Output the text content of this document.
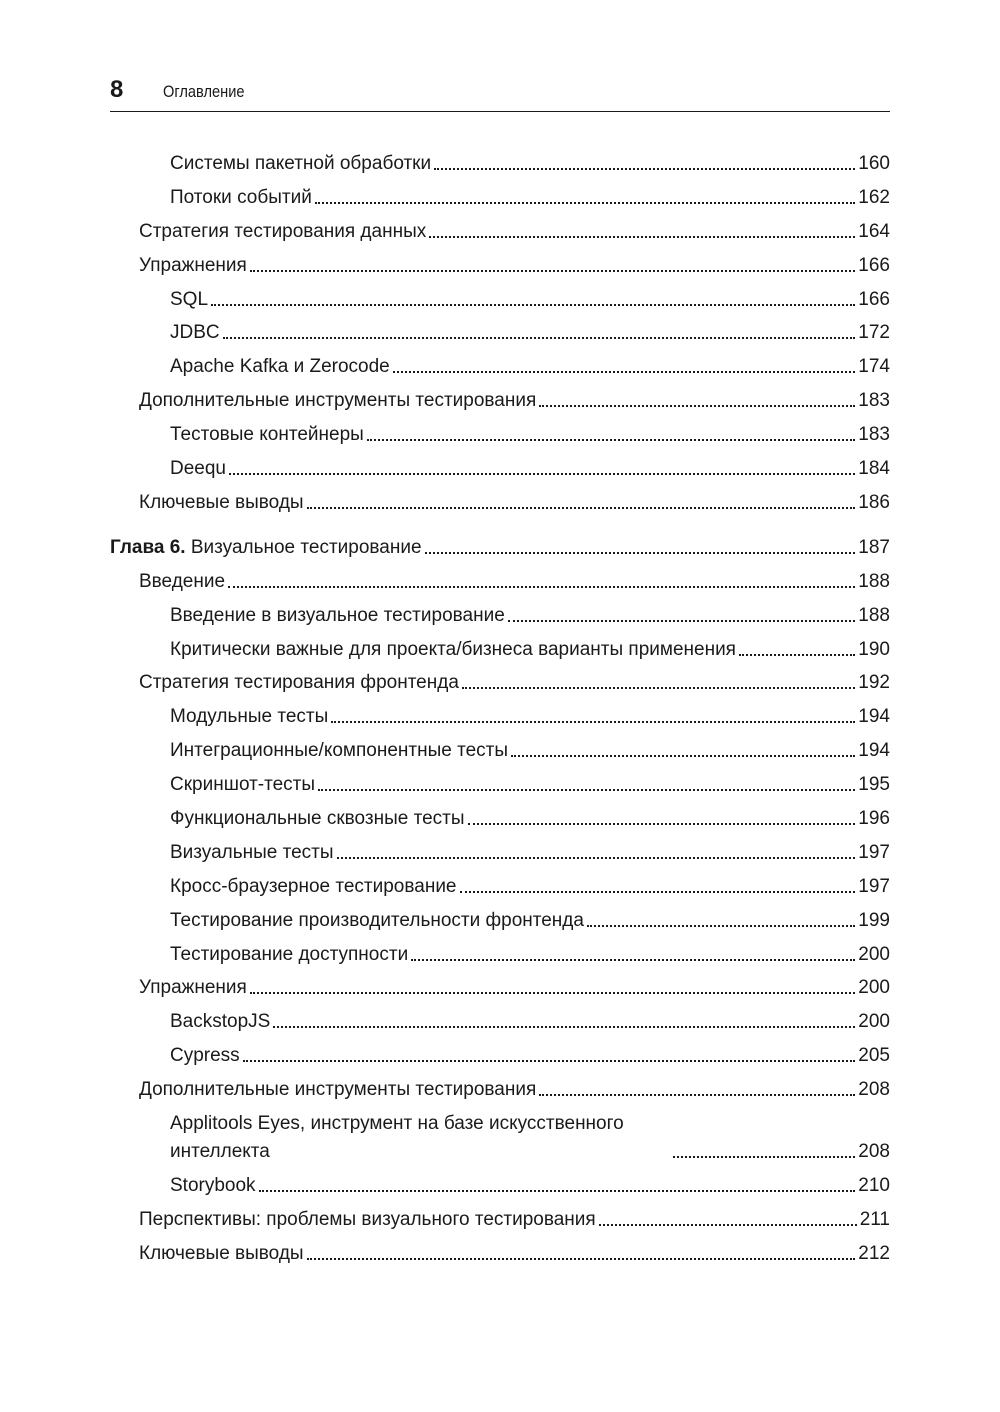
8 Оглавление
Системы пакетной обработки	160
Потоки событий	162
Стратегия тестирования данных	164
Упражнения	166
SQL	166
JDBC	172
Apache Kafka и Zerocode	174
Дополнительные инструменты тестирования	183
Тестовые контейнеры	183
Deequ	184
Ключевые выводы	186
Глава 6. Визуальное тестирование	187
Введение	188
Введение в визуальное тестирование	188
Критически важные для проекта/бизнеса варианты применения	190
Стратегия тестирования фронтенда	192
Модульные тесты	194
Интеграционные/компонентные тесты	194
Скриншот-тесты	195
Функциональные сквозные тесты	196
Визуальные тесты	197
Кросс-браузерное тестирование	197
Тестирование производительности фронтенда	199
Тестирование доступности	200
Упражнения	200
BackstopJS	200
Cypress	205
Дополнительные инструменты тестирования	208
Applitools Eyes, инструмент на базе искусственного интеллекта	208
Storybook	210
Перспективы: проблемы визуального тестирования	211
Ключевые выводы	212
